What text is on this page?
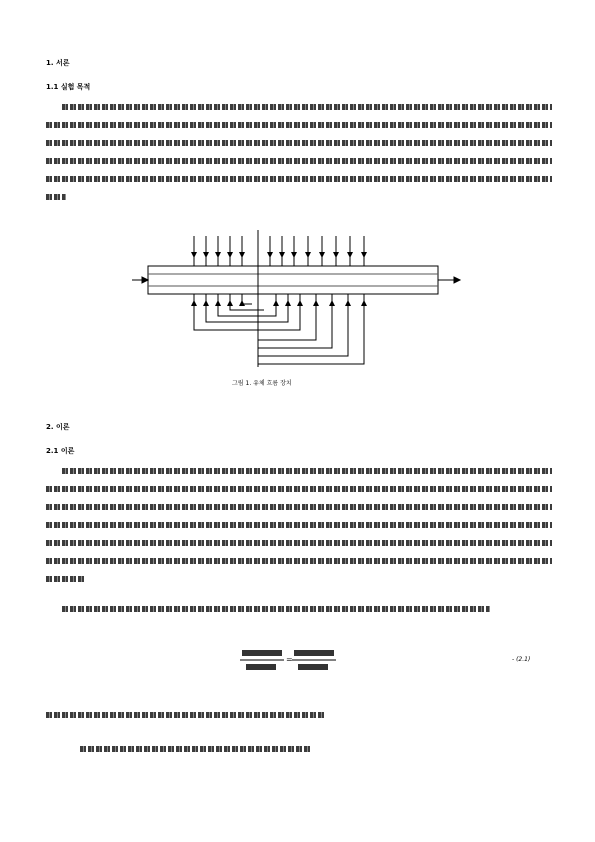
1. 서론
1.1 실험 목적
그림 1. 유체 흐름 장치
2. 이론
2.1 이론
=	- (2.1)
